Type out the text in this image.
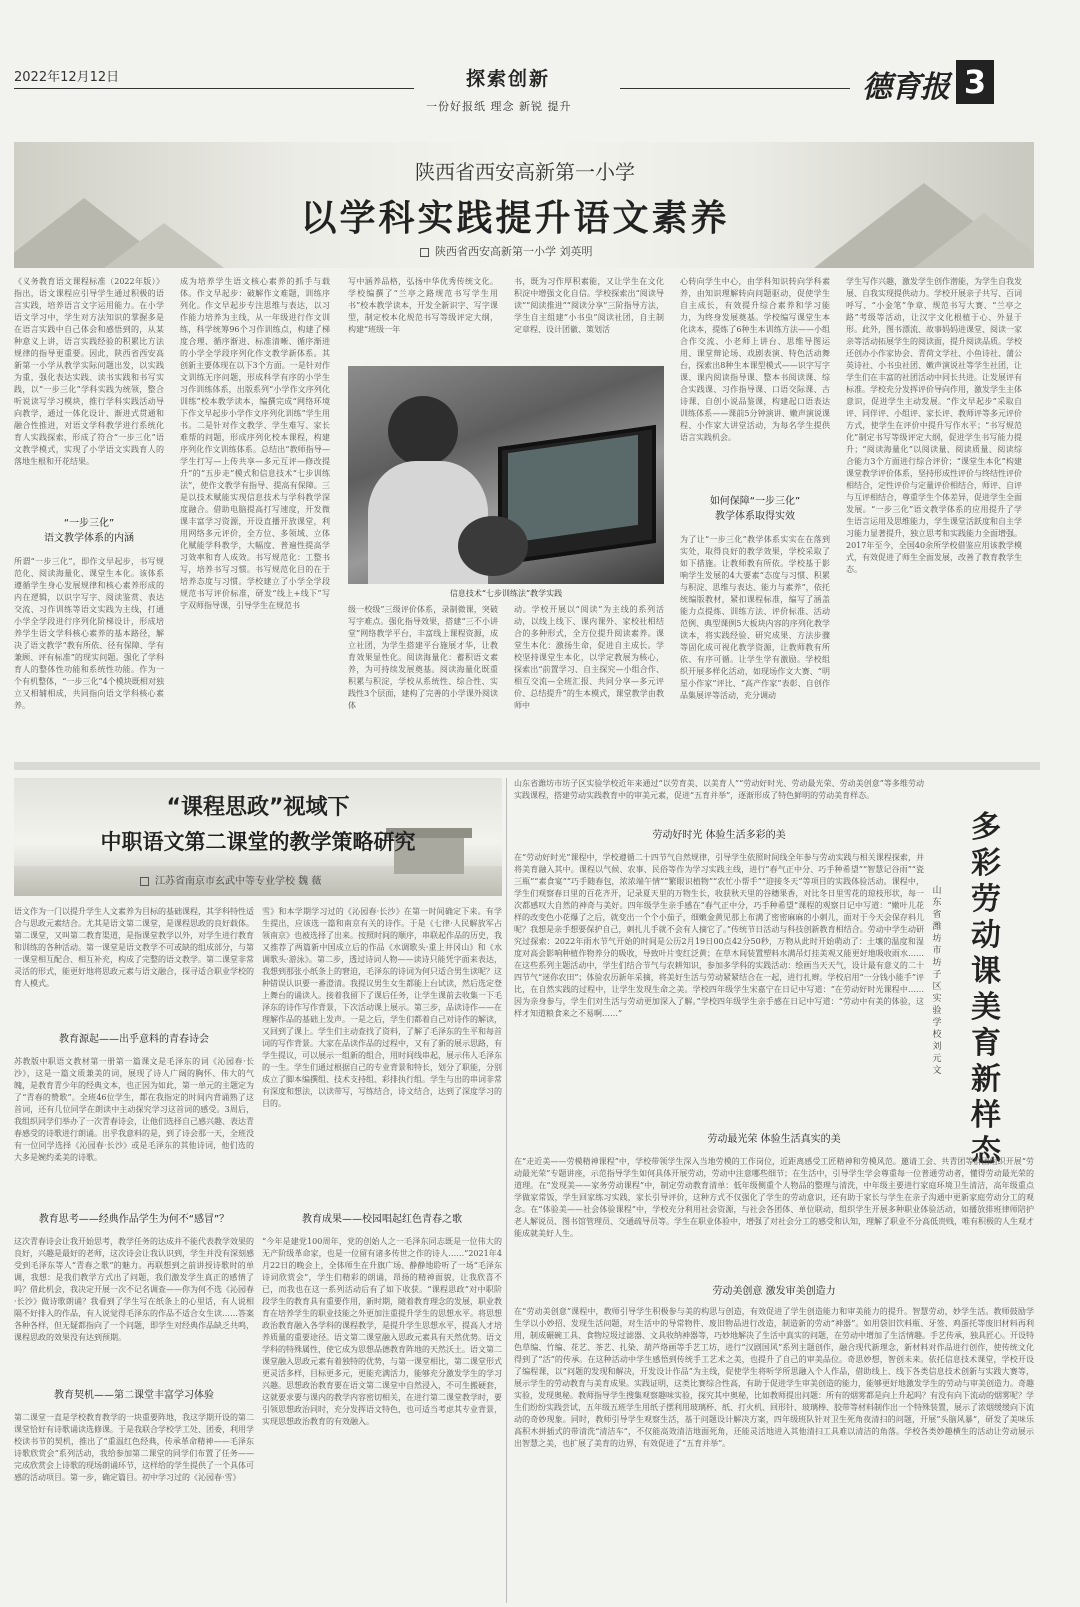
2022年12月12日	探索创新
一份好报纸 理念 新锐 提升
德育报 3
陕西省西安高新第一小学
以学科实践提升语文素养
陕西省西安高新第一小学 刘英明
《义务教育语文课程标准（2022年版）》指出，语文课程应引导学生通过积极的语言实践，培养语言文字运用能力。在小学语文学习中，学生对方法知识的掌握多是在语言实践中自己体会和感悟到的，从某种意义上讲，语言实践经验的积累比方法规律的指导更重要。因此，陕西省西安高新第一小学从教学实际问题出发，以实践为重，强化表达实践、读书实践和书写实践，以“一步三化”学科实践为统领，整合听说读写学习模块，推行学科实践活动导向教学，通过一体化设计、渐进式贯通和融合性推进，对语文学科教学进行系统化育人实践探索，形成了符合“一步三化”语文教学模式，实现了小学语文实践育人的落地生根和开花结果。
“一步三化”
语文教学体系的内涵
所谓“一步三化”，即作文早起步，书写规范化、阅读海量化、课堂生本化。该体系遵循学生身心发展规律和核心素养形成的内在逻辑，以识字写字、阅读鉴赏、表达交流、习作训练等语文实践为主线，打通小学全学段进行序列化阶梯设计，形成培养学生语文学科核心素养的基本路径，解决了语文教学“教有所依、径有保障、学有兼顾、评有标准”的现实问题。强化了学科育人的整体性功能和系统性功能。作为一个有机整体，“一步三化”4个模块既相对独立又相辅相成，共同指向语文学科核心素养。
成为培养学生语文核心素养的抓手与载体。作文早起步：破解作文难题，训练序列化。作文早起步专注思维与表达，以习作能力培养为主线，从一年级进行作文训练，科学统筹96个习作训练点，构建了梯度合理、循序渐进、标准清晰、循序渐进的小学全学段序列化作文教学新体系。其创新主要体现在以下3个方面。一是针对作文训练无序问题，形成科学有序的小学生习作训练体系，出版系列“小学作文序列化训练”校本教学读本，编撰完成“网络环境下作文早起步小学作文序列化训练”学生用书。二是针对作文教学、学生难写、家长难帮的问题，形成序列化校本课程，构建序列化作文训练体系。总结出“教师指导—学生打写—上传共享—多元互评—修改提升”的“五步走”模式和信息技术“七步训练法”，使作文教学有指导、提高有保障。三是以技术赋能实现信息技术与学科教学深度融合。借助电脑提高打写速度，开发微课丰富学习资源，开设直播开放课堂，利用网络多元评价，全方位、多领域、立体化赋能学科教学，大幅度、普遍性提高学习效率和育人成效。书写规范化：工整书写，培养书写习惯。书写规范化目的在于培养态度与习惯。学校建立了小学全学段规范书写评价标准，研发“线上+线下”写字双师指导课，引导学生在规范书
写中涵养品格，弘扬中华优秀传统文化。学校编撰了“兰亭之路规范书写学生用书”校本教学读本，开发全新识字、写字课型，制定校本化规范书写等级评定大纲，构建“班级一年
书，既为习作厚积素能，又让学生在文化积淀中增强文化自信。学校探索出“阅读导读”“阅读推进”“阅读分享”三阶指导方法，学生自主组建“小书虫”阅读社团，自主制定章程、设计团徽、策划活
信息技术“七步训练法”教学实践
级一校级”三级评价体系，录制微课，突破写字难点。强化指导效果，搭建“三不小讲堂”网络教学平台，丰富线上课程资源，成立社团，为学生搭建平台施展才华，让教育效果显性化。阅读海量化：蓄积语文素养，为可持续发展奠基。阅读海量化既重积累与积淀，学校从系统性、综合性、实践性3个层面，建构了完善的小学课外阅读体
动。学校开展以“阅读”为主线的系列活动，以线上线下、课内课外、家校社相结合的多种形式，全方位提升阅读素养。课堂生本化：激扬生命，促进自主成长。学校坚持课堂生本化，以学定教展为核心，探索出“前置学习、自主探究—小组合作、相互交流—全班汇报、共同分享—多元评价、总结提升”的生本模式，课堂教学由教师中
心转向学生中心，由学科知识转向学科素养，由知识理解转向问题驱动，促使学生自主成长，有效提升综合素养和学习能力，为终身发展奠基。学校编写课堂生本化读本，提炼了6种生本训练方法——小组合作交流、小老师上讲台、思维导图运用、课堂辩论场、戏剧表演、特色活动舞台，探索出8种生本课型模式——识字写字课、课内阅读指导课、整本书阅读课、综合实践课、习作指导课、口语交际课、古诗课、自创小说品鉴课，构建起口语表达训练体系——课前5分钟演讲、嫩声演说课程、小作家大讲堂活动，为每名学生提供语言实践机会。
如何保障“一步三化”
教学体系取得实效
为了让“一步三化”教学体系实实在在落到实处，取得良好的教学效果，学校采取了如下措施。让教师教有所依。学校基于影响学生发展的4大要素“态度与习惯、积累与积淀、思维与表达、能力与素养”，依托统编版教材，紧扣课程标准，编写了涵盖能力点提炼、训练方法、评价标准、活动范例、典型课例5大板块内容的序列化教学读本，将实践经验、研究成果、方法步骤等固化成可视化教学资源，让教师教有所依、有序可循。让学生学有激励。学校组织开展多样化活动，如现场作文大赛、“明星小作家”评比、“高产作家”表彰、自创作品集展评等活动，充分调动
学生写作兴趣，激发学生创作潜能，为学生自我发展、自我实现提供动力。学校开展亲子共写、百词呼写、“小金笔”争章、规范书写大赛、“兰亭之路”考级等活动，让汉字文化根植于心、外显于形。此外，图书漂流、故事妈妈进课堂、阅读一家亲等活动拓展学生的阅读面，提升阅读品质。学校还创办小作家协会、青荷文学社、小鱼诗社、蒲公英诗社、小书虫社团、嫩声演说社等学生社团，让学生们在丰富的社团活动中同长共进。让发展评有标准。学校充分发挥评价导向作用，激发学生主体意识，促进学生主动发展。“作文早起步”采取自评、同伴评、小组评、家长评、教师评等多元评价方式，使学生在评价中提升写作水平；“书写规范化”制定书写等级评定大纲，促进学生书写能力提升；“阅读海量化”以阅读量、阅读质量、阅读综合能力3个方面进行综合评价；“课堂生本化”构建课堂教学评价体系，坚持形成性评价与终结性评价相结合，定性评价与定量评价相结合，师评、自评与互评相结合，尊重学生个体差异，促进学生全面发展。“一步三化”语文教学体系的应用提升了学生语言运用及思维能力，学生课堂活跃度和自主学习能力显著提升，独立思考和实践能力全面增强。2017年至今，全国40余所学校借鉴应用该教学模式，有效促进了师生全面发展，改善了教育教学生态。
“课程思政”视域下
中职语文第二课堂的教学策略研究
江苏省南京市玄武中等专业学校 魏 薇
语文作为一门以提升学生人文素养为目标的基础课程，其学科特性适合与思政元素结合。尤其是语文第二课堂，是课程思政的良好载体。第二课堂，又叫第二教育渠道，是指课堂教学以外，对学生进行教育和训练的各种活动。第一课堂是语文教学不可或缺的组成部分，与第一课堂相互配合、相互补充，构成了完整的语文教学。第二课堂非常灵活的形式，能更好地将思政元素与语文融合，探寻适合职业学校的育人模式。
教育源起——出乎意料的青春诗会
苏教版中职语文教材第一册第一篇课文是毛泽东的词《沁园春·长沙》，这是一篇文质兼美的词，展现了诗人广阔的胸怀、伟大的气魄，是教育青少年的经典文本，也正因为如此，第一单元的主题定为了“青春的赞歌”。全班46位学生，都在我指定的时间内背诵熟了这首词，还有几位同学在朗读中主动探究学习这首词的感受。3周后，我组织同学们举办了一次青春诗会，让他们选择自己感兴趣、表达青春感受的诗歌进行朗诵。出乎我意料的是，到了诗会那一天，全班没有一位同学选择《沁园春·长沙》或是毛泽东的其他诗词，他们选的大多是婉约柔美的诗歌。
教育思考——经典作品学生为何不“感冒”？
这次青春诗会让我开始思考，教学任务的达成并不能代表教学效果的良好，兴趣是最好的老师，这次诗会让我认识到，学生并没有深刻感受到毛泽东等人“青春之歌”的魅力。再联想到之前讲授诗歌时的单调，我想：是我们教学方式出了问题，我们激发学生真正的感情了吗？借此机会，我决定开展一次不记名调查——你为何不选《沁园春·长沙》做诗歌朗诵？我看到了学生写在纸条上的心里话，有人说相隔不好排入的作品，有人说觉得毛泽东的作品不适合女生读……答案各种各样，但无疑都指向了一个问题，即学生对经典作品缺乏共鸣，课程思政的效果没有达到预期。
教育契机——第二课堂丰富学习体验
第二课堂一直是学校教育教学的一块重要阵地，我这学期开设的第二课堂恰好有诗歌诵读选修课。于是我联合学校学工处、团委，利用学校读书节的契机，推出了“重温红色经典，传承革命精神——毛泽东诗歌欣赏会”系列活动，我给参加第二课堂的同学们布置了任务——完成欣赏会上诗歌的现场朗诵环节，这样给的学生提供了一个具体可感的活动项目。第一步，确定篇目。初中学习过的《沁园春·雪》
雪》和本学期学习过的《沁园春·长沙》在第一时间确定下来。有学生提出，应该选一篇和南京有关的诗作。于是《七律·人民解放军占领南京》也被选择了出来。按照时间的顺序，串联起作品的历史，我又推荐了两篇新中国成立后的作品《水调歌头·重上井冈山》和《水调歌头·游泳》。第二步，透过诗词人物——读诗只能凭字面来表达，我想到那张小纸条上的窘迫，毛泽东的诗词为何只适合男生读呢？这种错误认识要一番澄清。我提议男生女生都能上台试读，然后选定登上舞台的诵读人。接着我留下了课后任务，让学生课前去收集一下毛泽东的诗作写作背景，下次活动课上展示。第三步，品读诗作——在理解作品的基础上发声。一是之后，学生们都着自己对诗作的解读，又回到了课上。学生们主动查找了资料，了解了毛泽东的生平和每首词的写作背景。大家在品读作品的过程中，又有了新的展示思路，有学生提议，可以展示一组新的组合，用时间线串起，展示伟人毛泽东的一生。学生们通过根据自己的专业背景和特长，划分了职能，分别成立了脚本编撰组、技术支持组、彩排执行组。学生与出的串词非常有深度和想法，以读带写，写练结合，诗文结合，达到了深度学习的目的。
教育成果——校园唱起红色青春之歌
“今年是建党100周年，党的创始人之一毛泽东同志既是一位伟大的无产阶级革命家，也是一位留有诸多传世之作的诗人……”2021年4月22日的晚会上，全体师生在升旗广场、静静地聆听了一场“毛泽东诗词欣赏会”，学生们精彩的朗诵，昂扬的精神面貌，让我欣喜不已，而我也在这一系列活动后有了如下收获。“课程思政”对中职阶段学生的教育具有重要作用，新时期，随着教育理念的发展，职业教育在培养学生的职业技能之外更加注重提升学生的思想水平。将思想政治教育融入各学科的课程教学，是提升学生思想水平，提高人才培养质量的重要途径。语文第二课堂融入思政元素具有天然优势。语文学科的特殊属性，使它成为思想品德教育阵地的天然沃土。语文第二课堂融入思政元素有着独特的优势，与第一课堂相比，第二课堂形式更灵活多样，目标更多元，更能充满活力，能够充分激发学生的学习兴趣。思想政治教育要在语文第二课堂中自然浸入，不可生搬硬套，这就要求要与课内的教学内容密切相关，在进行第二课堂教学时，要引领思想政治同时，充分发挥语文特色，也可适当考虑其专业背景，实现思想政治教育的有效融入。
山东省潍坊市坊子区实验学校近年来通过“以劳育美、以美育人”“劳动好时光、劳动最光荣、劳动美创意”等多维劳动实践课程，搭建劳动实践教育中的审美元素，促进“五育并举”，逐渐形成了特色鲜明的劳动美育样态。
劳动好时光 体验生活多彩的美
在“劳动好时光”课程中，学校遵循二十四节气自然规律，引导学生依照时间线全年参与劳动实践与相关课程探索，并将美育融入其中。课程以气候、农事、民俗等作为学习实践主线，进行“春气正中分、巧手种希望”“智慧记谷雨”“瓷三瓶”“素食宴”“巧手随春包，浓浓端午情”“繁眼识植物”“农忙小帮手”“迎接冬天”等项目的实践体验活动。课程中，学生们观察春日里的百花齐开，记录夏天里的万物生长，收获秋天里的谷穗果香，对比冬日里雪花的琼枝形状，每一次都感叹大自然的神奇与美好。四年级学生亲手感在“春气正中分，巧手种希望”课程的观察日记中写道：“嫩叶儿花样的改变色小花爆了之后，就变出一个个小茄子，细嫩金黄见那上布满了密密麻麻的小刺儿，面对于今天会保存料儿呢？我想是亲手想要保护自己，刺扎儿手就不会有人摘它了。”传统节日活动与科技创新教育相结合。劳动中学生动研究过探索：2022年雨水节气开始的时间是公历2月19日00点42分50秒，万物从此时开始萌动了：土壤的温度和湿度对高会影响种植作物养分的吸收，导致叶片变红泛黄；在草木间装置塑料水满吊灯挂美观又能更好地吸收雨水……在这些系列主题活动中，学生们结合节气与农耕知识，参加多学科的实践活动：绘画当天天气，设计最有意义的二十四节气“迷你农田”；体验农历新年采摘，将美好生活与劳动紧紧结合在一起，进行扎辫。学校启用“一分钱小能手”评比，在自然实践的过程中，让学生发现生命之美。学校四年级学生宋嘉宁在日记中写道：“在劳动好时光课程中……因为亲身参与，学生们对生活与劳动更加深入了解。”学校四年级学生亲手感在日记中写道：“劳动中有美的体验，这样才知道粮食来之不易啊……”
多彩劳动课 美育新样态
山东省潍坊市坊子区实验学校 刘元文
劳动最光荣 体验生活真实的美
在“走近美——劳模精神课程”中，学校带领学生深入当地劳模的工作岗位，近距离感受工匠精神和劳模风范。邀请工会、共青团等群团组织开展“劳动最光荣”专题讲座，示范指导学生如何具体开展劳动，劳动中注意哪些细节；在生活中，引导学生学会尊重每一位普通劳动者，懂得劳动最光荣的道理。在“发现美——家务劳动课程”中，制定劳动教育清单：低年级侧重个人物品的整理与清洗，中年级主要进行家庭环境卫生清洁，高年级重点学做家常饭，学生回家练习实践，家长引导评价，这种方式不仅强化了学生的劳动意识，还有助于家长与学生在亲子沟通中更新家庭劳动分工的观念。在“体验美——社会体验课程”中，学校充分利用社会资源，与社会各团体、单位联动，组织学生开展多种职业体验活动，如播放排班律师陪护老人解说员、图书馆管理员、交通疏导员等。学生在职业体验中，增强了对社会分工的感受和认知，理解了职业不分高低贵贱，唯有积极的人生观才能成就美好人生。
劳动美创意 激发审美创造力
在“劳动美创意”课程中，教师引导学生积极参与美的构思与创造，有效促进了学生创造能力和审美能力的提升。智慧劳动，妙学生活。教师鼓励学生学以小妙招、发现生活问题，对生活中的导常物件、废旧物品进行改造，制造新的劳动“神器”。如用袋旧饮料瓶、牙签、鸡蛋托等废旧材料再利用，制成碾碗工具、食物垃圾过滤器、文具收纳神器等，巧妙地解决了生活中真实的问题，在劳动中增加了生活情趣。手艺传承，独具匠心。开设特色草编、竹编、花艺、茶艺、扎染、葫芦烙画等手艺工坊，进行“汉剧国风”系列主题创作，融合现代新理念，新材料对作品进行创作，使传统文化得到了“活”的传承。在这种活动中学生感悟到传统手工艺术之美，也提升了自己的审美品位。奇思妙想，智创未来。依托信息技术课堂，学校开设了编程课，以“问题的发现和解决，开发设计作品”为主线，促使学生将听学所思融入个人作品，借助线上、线下各类信息技术创新与实践大赛等，展示学生的劳动教育与美育成果。实践证明，这类比赛综合性高，有助于促进学生审美创造的能力，能够更好地激发学生的劳动与审美创造力。奇趣实验，发现奥秘。教师指导学生搜集观察趣味实验，探究其中奥秘，比如教师提出问题：所有的烟雾都是向上升起吗？有没有向下流动的烟雾呢？学生们纷纷实践尝试，五年级五班学生用纸子摆利用玻璃杯、纸、打火机、回形针、玻璃棒、胶带等材料制作出一个特殊装置，展示了浓烟缓缓向下流动的奇妙现象。同时，教师引导学生观察生活，基于问题设计解决方案，四年级班队针对卫生死角夜清扫的问题，开展“头脑风暴”，研发了美味乐高积木拼插式的带清洗“清洁车”，不仅能高效清洁地面死角，还能灵活地进入其他清扫工具难以清洁的角落。学校各类妙趣横生的活动让劳动展示出智慧之美，也扩展了美育的边界，有效促进了“五育并举”。
